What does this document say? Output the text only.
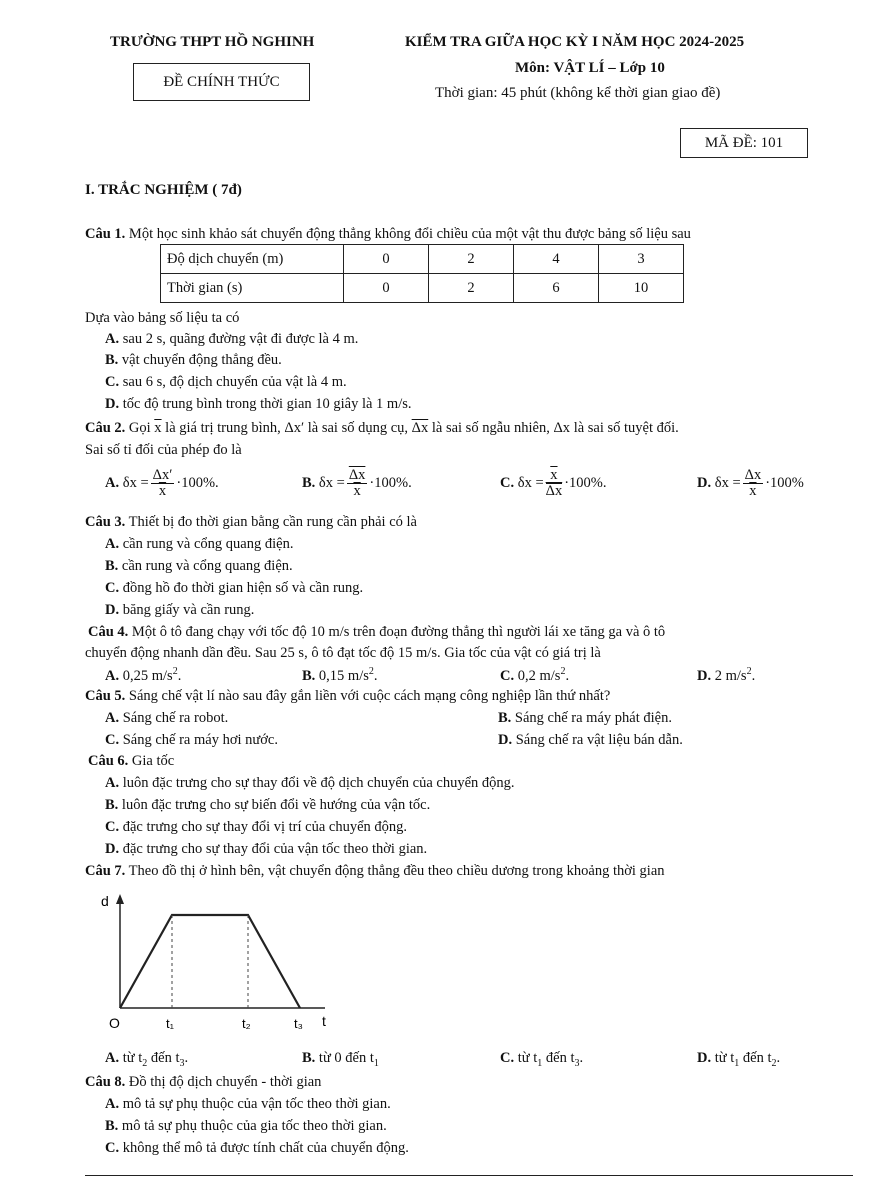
TRƯỜNG THPT HỒ NGHINH
ĐỀ CHÍNH THỨC
KIỂM TRA GIỮA HỌC KỲ I NĂM HỌC 2024-2025
Môn: VẬT LÍ – Lớp 10
Thời gian: 45 phút (không kể thời gian giao đề)
MÃ ĐỀ: 101
I. TRẮC NGHIỆM ( 7đ)
Câu 1. Một học sinh khảo sát chuyển động thẳng không đổi chiều của một vật thu được bảng số liệu sau
Độ dịch chuyển (m)	0	2	4	3
Thời gian (s)	0	2	6	10
Dựa vào bảng số liệu ta có
A. sau 2 s, quãng đường vật đi được là 4 m.
B. vật chuyển động thẳng đều.
C. sau 6 s, độ dịch chuyển của vật là 4 m.
D. tốc độ trung bình trong thời gian 10 giây là 1 m/s.
Câu 2. Gọi $\overline{x}$ là giá trị trung bình, Δx′ là sai số dụng cụ, $\overline{\Delta x}$ là sai số ngẫu nhiên, Δx là sai số tuyệt đối.
Sai số tỉ đối của phép đo là
A. $\delta x = \frac{\Delta x'}{x} \cdot 100\%$.	B. $\delta x = \frac{\overline{\Delta x}}{x} \cdot 100\%$.	C. $\delta x = \frac{\overline{x}}{\Delta x} \cdot 100\%$.	D. $\delta x = \frac{\Delta x}{x} \cdot 100\%$
Câu 3. Thiết bị đo thời gian bằng cần rung cần phải có là
A. cần rung và cổng quang điện.
B. cần rung và cổng quang điện.
C. đồng hồ đo thời gian hiện số và cần rung.
D. băng giấy và cần rung.
Câu 4. Một ô tô đang chạy với tốc độ 10 m/s trên đoạn đường thẳng thì người lái xe tăng ga và ô tô
chuyển động nhanh dần đều. Sau 25 s, ô tô đạt tốc độ 15 m/s. Gia tốc của vật có giá trị là
A. 0,25 $m/s^2$.	B. 0,15 $m/s^2$.	C. 0,2 $m/s^2$.	D. 2 $m/s^2$.
Câu 5. Sáng chế vật lí nào sau đây gắn liền với cuộc cách mạng công nghiệp lần thứ nhất?
A. Sáng chế ra robot.	B. Sáng chế ra máy phát điện.
C. Sáng chế ra máy hơi nước.	D. Sáng chế ra vật liệu bán dẫn.
Câu 6. Gia tốc
A. luôn đặc trưng cho sự thay đổi về độ dịch chuyển của chuyển động.
B. luôn đặc trưng cho sự biến đổi về hướng của vận tốc.
C. đặc trưng cho sự thay đổi vị trí của chuyển động.
D. đặc trưng cho sự thay đổi của vận tốc theo thời gian.
Câu 7. Theo đồ thị ở hình bên, vật chuyển động thẳng đều theo chiều dương trong khoảng thời gian
d
O	t₁	t₂	t₃ t
A. từ $t_2$ đến $t_3$.	B. từ 0 đến $t_1$	C. từ $t_1$ đến $t_3$.	D. từ $t_1$ đến $t_2$.
Câu 8. Đồ thị độ dịch chuyển - thời gian
A. mô tả sự phụ thuộc của vận tốc theo thời gian.
B. mô tả sự phụ thuộc của gia tốc theo thời gian.
C. không thể mô tả được tính chất của chuyển động.
